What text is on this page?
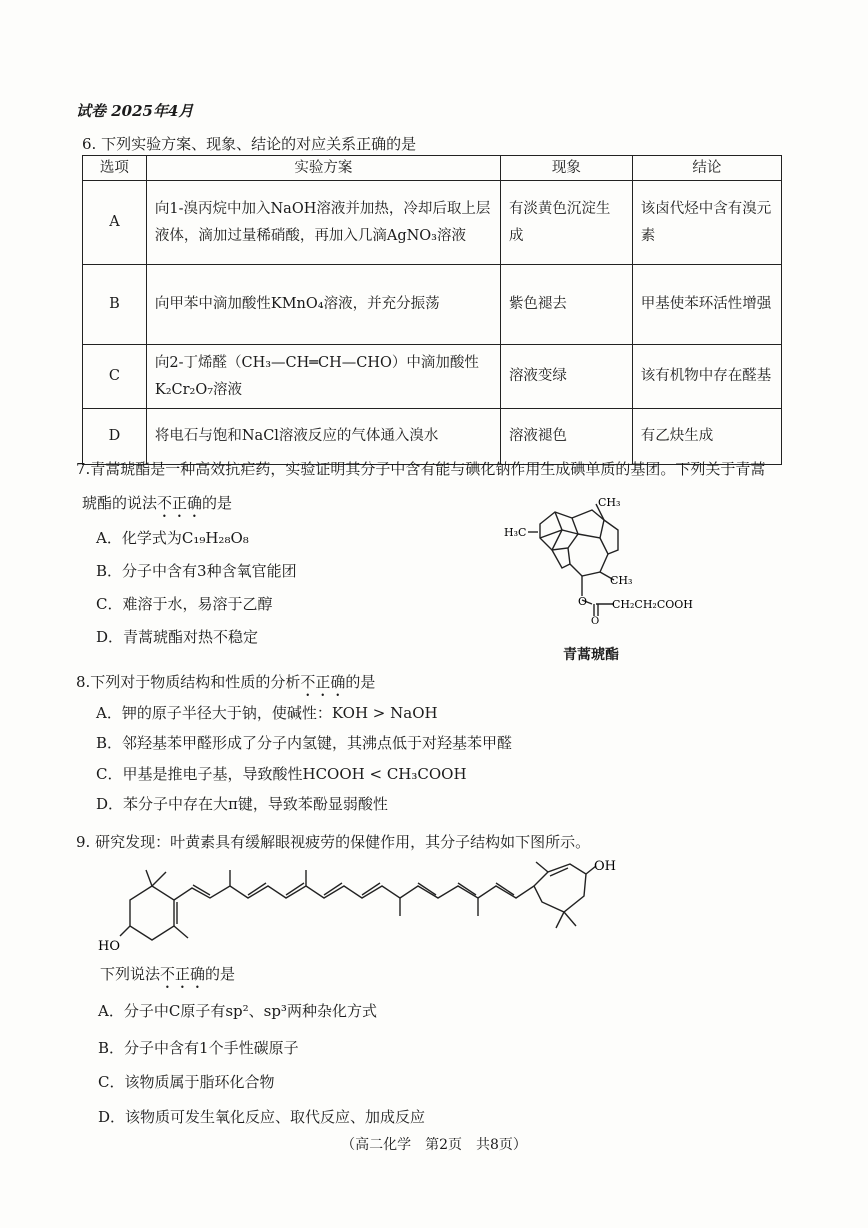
试卷 2025年4月
6. 下列实验方案、现象、结论的对应关系正确的是
选项	实验方案	现象	结论
A	向1-溴丙烷中加入NaOH溶液并加热，冷却后取上层液体，滴加过量稀硝酸，再加入几滴AgNO₃溶液	有淡黄色沉淀生成	该卤代烃中含有溴元素
B	向甲苯中滴加酸性KMnO₄溶液，并充分振荡	紫色褪去	甲基使苯环活性增强
C	向2-丁烯醛（CH₃—CH═CH—CHO）中滴加酸性K₂Cr₂O₇溶液	溶液变绿	该有机物中存在醛基
D	将电石与饱和NaCl溶液反应的气体通入溴水	溶液褪色	有乙炔生成
7.青蒿琥酯是一种高效抗疟药，实验证明其分子中含有能与碘化钠作用生成碘单质的基团。下列关于青蒿
琥酯的说法不正确的是
A．化学式为C₁₉H₂₈O₈
B．分子中含有3种含氧官能团
C．难溶于水，易溶于乙醇
D．青蒿琥酯对热不稳定
CH₃
H₃C
CH₃
O
O
CH₂CH₂COOH
青蒿琥酯
8.下列对于物质结构和性质的分析不正确的是
A．钾的原子半径大于钠，使碱性：KOH > NaOH
B．邻羟基苯甲醛形成了分子内氢键，其沸点低于对羟基苯甲醛
C．甲基是推电子基，导致酸性HCOOH < CH₃COOH
D．苯分子中存在大π键，导致苯酚显弱酸性
9. 研究发现：叶黄素具有缓解眼视疲劳的保健作用，其分子结构如下图所示。
HO
OH
下列说法不正确的是
A．分子中C原子有sp²、sp³两种杂化方式
B．分子中含有1个手性碳原子
C．该物质属于脂环化合物
D．该物质可发生氧化反应、取代反应、加成反应
（高二化学　第2页　共8页）
